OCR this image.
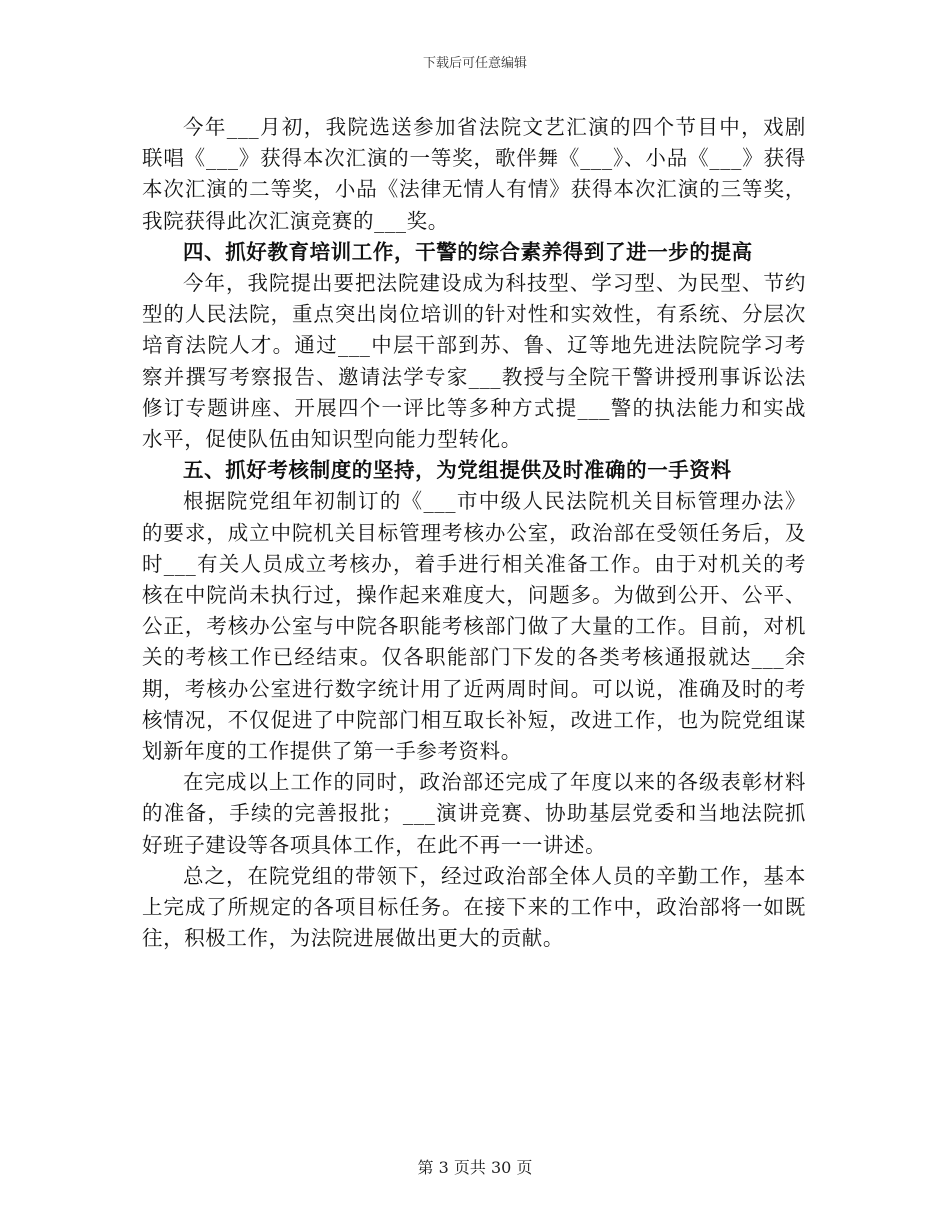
下载后可任意编辑

今年___月初，我院选送参加省法院文艺汇演的四个节目中，戏剧联唱《___》获得本次汇演的一等奖，歌伴舞《___》、小品《___》获得本次汇演的二等奖，小品《法律无情人有情》获得本次汇演的三等奖，我院获得此次汇演竞赛的___奖。

四、抓好教育培训工作，干警的综合素养得到了进一步的提高

今年，我院提出要把法院建设成为科技型、学习型、为民型、节约型的人民法院，重点突出岗位培训的针对性和实效性，有系统、分层次培育法院人才。通过___中层干部到苏、鲁、辽等地先进法院院学习考察并撰写考察报告、邀请法学专家___教授与全院干警讲授刑事诉讼法修订专题讲座、开展四个一评比等多种方式提___警的执法能力和实战水平，促使队伍由知识型向能力型转化。

五、抓好考核制度的坚持，为党组提供及时准确的一手资料

根据院党组年初制订的《___市中级人民法院机关目标管理办法》的要求，成立中院机关目标管理考核办公室，政治部在受领任务后，及时___有关人员成立考核办，着手进行相关准备工作。由于对机关的考核在中院尚未执行过，操作起来难度大，问题多。为做到公开、公平、公正，考核办公室与中院各职能考核部门做了大量的工作。目前，对机关的考核工作已经结束。仅各职能部门下发的各类考核通报就达___余期，考核办公室进行数字统计用了近两周时间。可以说，准确及时的考核情况，不仅促进了中院部门相互取长补短，改进工作，也为院党组谋划新年度的工作提供了第一手参考资料。

在完成以上工作的同时，政治部还完成了年度以来的各级表彰材料的准备，手续的完善报批；___演讲竞赛、协助基层党委和当地法院抓好班子建设等各项具体工作，在此不再一一讲述。

总之，在院党组的带领下，经过政治部全体人员的辛勤工作，基本上完成了所规定的各项目标任务。在接下来的工作中，政治部将一如既往，积极工作，为法院进展做出更大的贡献。

第 3 页共 30 页
